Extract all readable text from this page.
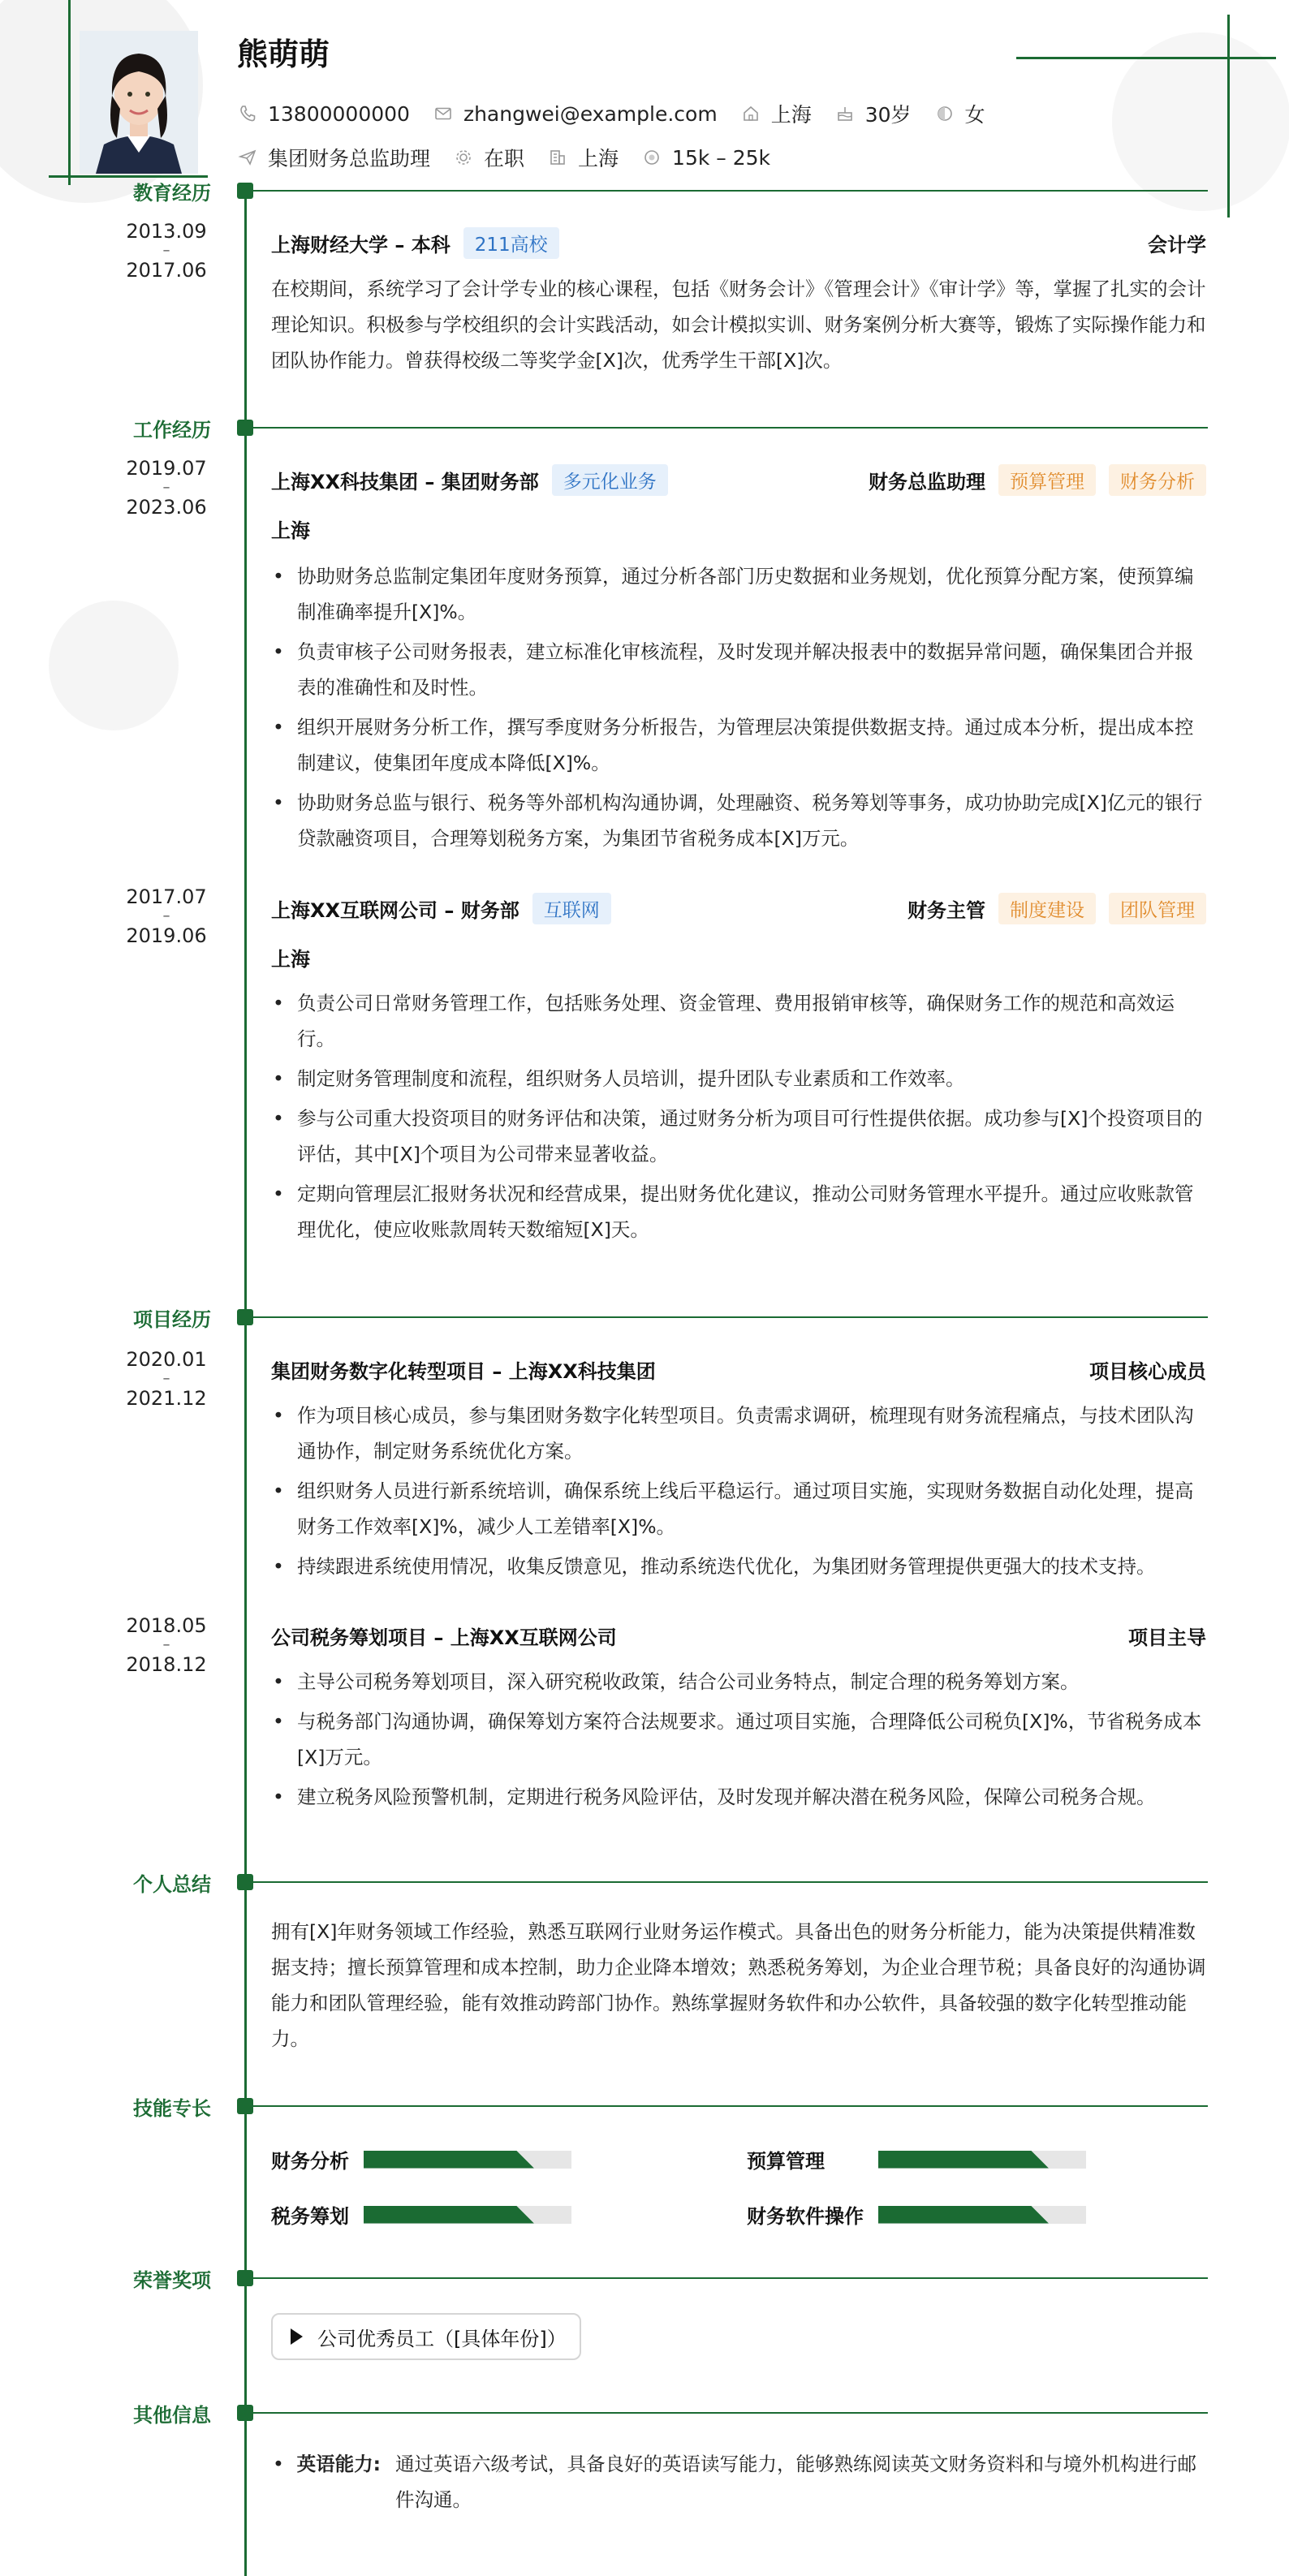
熊萌萌
13800000000	zhangwei@example.com	上海	30岁	女
集团财务总监助理	在职	上海	15k – 25k
教育经历
2013.09
–
2017.06
上海财经大学 – 本科	211高校	会计学
在校期间，系统学习了会计学专业的核心课程，包括《财务会计》《管理会计》《审计学》等，掌握了扎实的会计理论知识。积极参与学校组织的会计实践活动，如会计模拟实训、财务案例分析大赛等，锻炼了实际操作能力和团队协作能力。曾获得校级二等奖学金[X]次，优秀学生干部[X]次。
工作经历
2019.07
–
2023.06
上海XX科技集团 – 集团财务部	多元化业务	财务总监助理	预算管理	财务分析
上海
• 协助财务总监制定集团年度财务预算，通过分析各部门历史数据和业务规划，优化预算分配方案，使预算编制准确率提升[X]%。
• 负责审核子公司财务报表，建立标准化审核流程，及时发现并解决报表中的数据异常问题，确保集团合并报表的准确性和及时性。
• 组织开展财务分析工作，撰写季度财务分析报告，为管理层决策提供数据支持。通过成本分析，提出成本控制建议，使集团年度成本降低[X]%。
• 协助财务总监与银行、税务等外部机构沟通协调，处理融资、税务筹划等事务，成功协助完成[X]亿元的银行贷款融资项目，合理筹划税务方案，为集团节省税务成本[X]万元。
2017.07
–
2019.06
上海XX互联网公司 – 财务部	互联网	财务主管	制度建设	团队管理
上海
• 负责公司日常财务管理工作，包括账务处理、资金管理、费用报销审核等，确保财务工作的规范和高效运行。
• 制定财务管理制度和流程，组织财务人员培训，提升团队专业素质和工作效率。
• 参与公司重大投资项目的财务评估和决策，通过财务分析为项目可行性提供依据。成功参与[X]个投资项目的评估，其中[X]个项目为公司带来显著收益。
• 定期向管理层汇报财务状况和经营成果，提出财务优化建议，推动公司财务管理水平提升。通过应收账款管理优化，使应收账款周转天数缩短[X]天。
项目经历
2020.01
–
2021.12
集团财务数字化转型项目 – 上海XX科技集团	项目核心成员
• 作为项目核心成员，参与集团财务数字化转型项目。负责需求调研，梳理现有财务流程痛点，与技术团队沟通协作，制定财务系统优化方案。
• 组织财务人员进行新系统培训，确保系统上线后平稳运行。通过项目实施，实现财务数据自动化处理，提高财务工作效率[X]%，减少人工差错率[X]%。
• 持续跟进系统使用情况，收集反馈意见，推动系统迭代优化，为集团财务管理提供更强大的技术支持。
2018.05
–
2018.12
公司税务筹划项目 – 上海XX互联网公司	项目主导
• 主导公司税务筹划项目，深入研究税收政策，结合公司业务特点，制定合理的税务筹划方案。
• 与税务部门沟通协调，确保筹划方案符合法规要求。通过项目实施，合理降低公司税负[X]%，节省税务成本[X]万元。
• 建立税务风险预警机制，定期进行税务风险评估，及时发现并解决潜在税务风险，保障公司税务合规。
个人总结
拥有[X]年财务领域工作经验，熟悉互联网行业财务运作模式。具备出色的财务分析能力，能为决策提供精准数据支持；擅长预算管理和成本控制，助力企业降本增效；熟悉税务筹划，为企业合理节税；具备良好的沟通协调能力和团队管理经验，能有效推动跨部门协作。熟练掌握财务软件和办公软件，具备较强的数字化转型推动能力。
技能专长
财务分析	预算管理
税务筹划	财务软件操作
荣誉奖项
公司优秀员工（[具体年份]）
其他信息
• 英语能力: 通过英语六级考试，具备良好的英语读写能力，能够熟练阅读英文财务资料和与境外机构进行邮件沟通。
